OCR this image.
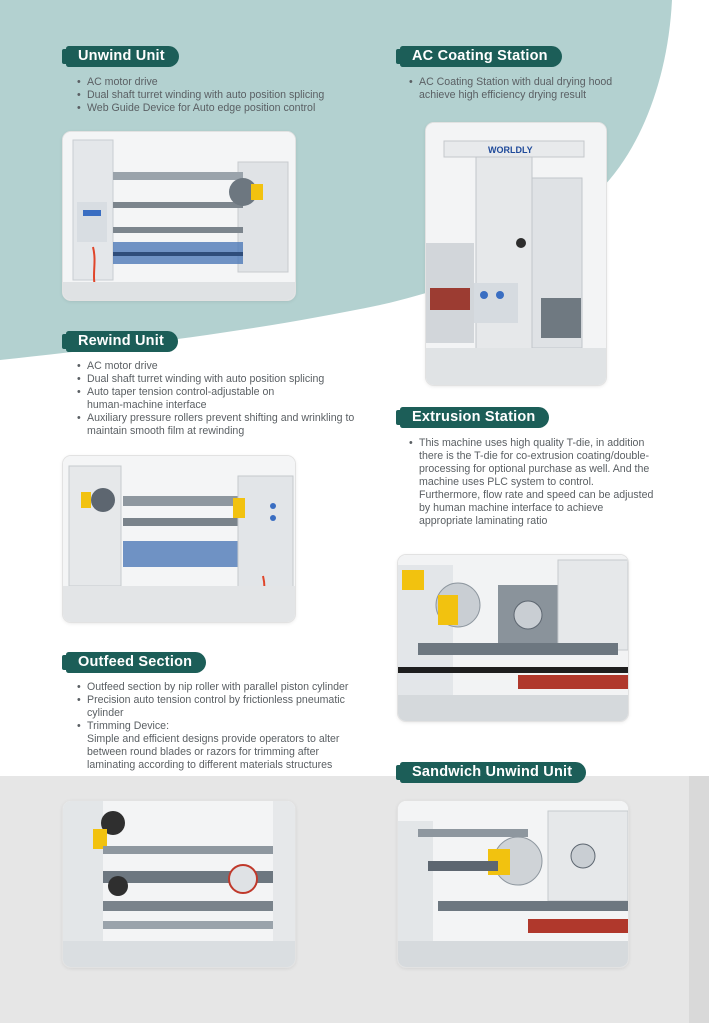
Unwind Unit
• AC motor drive
• Dual shaft turret winding with auto position splicing
• Web Guide Device for Auto edge position control
AC Coating Station
• AC Coating Station with dual drying hood achieve high efficiency drying result
WORLDLY
Rewind Unit
• AC motor drive
• Dual shaft turret winding with auto position splicing
• Auto taper tension control-adjustable on human-machine interface
• Auxiliary pressure rollers prevent shifting and wrinkling to maintain smooth film at rewinding
Extrusion Station
• This machine uses high quality T-die, in addition there is the T-die for co-extrusion coating/double-processing for optional purchase as well. And the machine uses PLC system to control. Furthermore, flow rate and speed can be adjusted by human machine interface to achieve appropriate laminating ratio
Outfeed Section
• Outfeed section by nip roller with parallel piston cylinder
• Precision auto tension control by frictionless pneumatic cylinder
• Trimming Device:
Simple and efficient designs provide operators to alter between round blades or razors for trimming after laminating according to different materials structures	Sandwich Unwind Unit
